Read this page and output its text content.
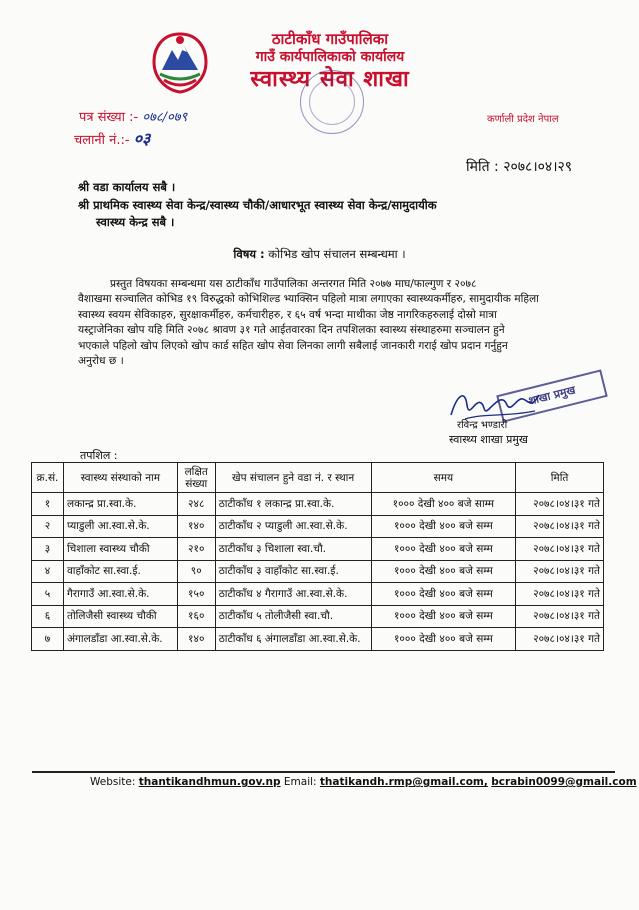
ठाटीकाँध गाउँपालिका
गाउँ कार्यपालिकाको कार्यालय
स्वास्थ्य सेवा शाखा
पत्र संख्या :- ०७८/०७९
चलानी नं.:- ०३
कर्णाली प्रदेश नेपाल
मिति : २०७८।०४।२९
श्री वडा कार्यालय सबै ।
श्री प्राथमिक स्वास्थ्य सेवा केन्द्र/स्वास्थ्य चौकी/आधारभूत स्वास्थ्य सेवा केन्द्र/सामुदायीक
स्वास्थ्य केन्द्र सबै ।
विषय : कोभिड खोप संचालन सम्बन्धमा ।
प्रस्तुत विषयका सम्बन्धमा यस ठाटीकाँध गाउँपालिका अन्तरगत मिति २०७७ माघ/फाल्गुण र २०७८
वैशाखमा सञ्चालित कोभिड १९ विरुद्धको कोभिशिल्ड भ्याक्सिन पहिलो मात्रा लगाएका स्वास्थ्यकर्मीहरु, सामुदायीक महिला
स्वास्थ्य स्वयम सेविकाहरु, सुरक्षाकर्मीहरु, कर्मचारीहरु, र ६५ वर्ष भन्दा माथीका जेष्ठ नागरिकहरुलाई दोस्रो मात्रा
यस्ट्राजेनिका खोप यहि मिति २०७८ श्रावण ३१ गते आईतवारका दिन तपशिलका स्वास्थ्य संस्थाहरुमा सञ्चालन हुने
भएकाले पहिलो खोप लिएको खोप कार्ड सहित खोप सेवा लिनका लागी सबैलाई जानकारी गराई खोप प्रदान गर्नुहुन
अनुरोध छ ।
शाखा प्रमुख
रविन्द्र भण्डारी
स्वास्थ्य शाखा प्रमुख
तपशिल :
क्र.सं.	स्वास्थ्य संस्थाको नाम	लक्षित संख्या	खेप संचालन हुने वडा नं. र स्थान	समय	मिति
१	लकान्द्र प्रा.स्वा.के.	२४८	ठाटीकाँध १ लकान्द्र प्रा.स्वा.के.	१००० देखी ४०० बजे साम्म	२०७८।०४।३१ गते
२	प्याडुली आ.स्वा.से.के.	१४०	ठाटीकाँध २ प्याडुली आ.स्वा.से.के.	१००० देखी ४०० बजे सम्म	२०७८।०४।३१ गते
३	चिशाला स्वास्थ्य चौकी	२१०	ठाटीकाँध ३ चिशाला स्वा.चौ.	१००० देखी ४०० बजे सम्म	२०७८।०४।३१ गते
४	वाहाँकोट सा.स्वा.ई.	९०	ठाटीकाँध ३ वाहाँकोट सा.स्वा.ई.	१००० देखी ४०० बजे सम्म	२०७८।०४।३१ गते
५	गैरागाउँ आ.स्वा.से.के.	१५०	ठाटीकाँध ४ गैरागाउँ आ.स्वा.से.के.	१००० देखी ४०० बजे सम्म	२०७८।०४।३१ गते
६	तोलिजैसी स्वास्थ्य चौकी	१६०	ठाटीकाँध ५ तोलीजैसी स्वा.चौ.	१००० देखी ४०० बजे सम्म	२०७८।०४।३१ गते
७	अंगालडाँडा आ.स्वा.से.के.	१४०	ठाटीकाँध ६ अंगालडाँडा आ.स्वा.से.के.	१००० देखी ४०० बजे सम्म	२०७८।०४।३१ गते
Website: thantikandhmun.gov.np Email: thatikandh.rmp@gmail.com, bcrabin0099@gmail.com
